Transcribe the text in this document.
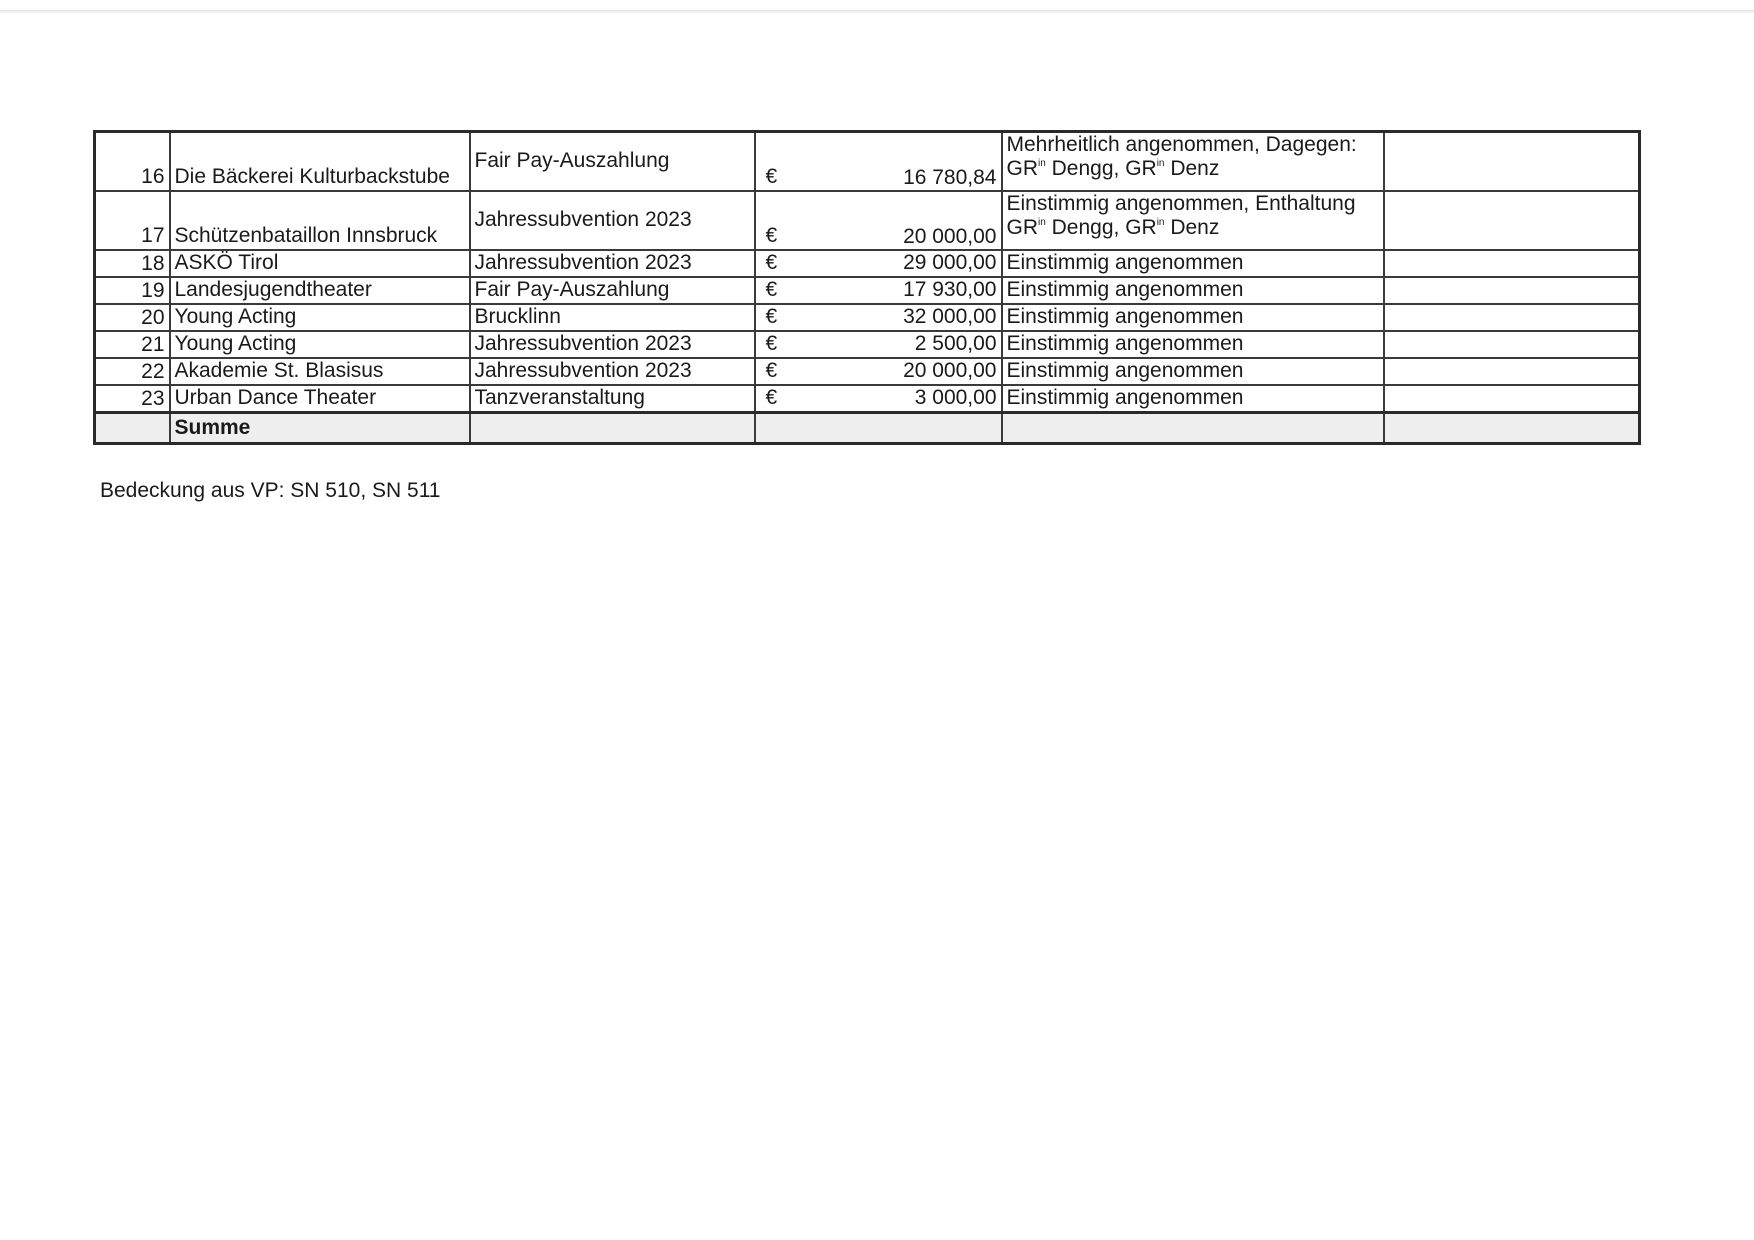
16	Die Bäckerei Kulturbackstube	Fair Pay-Auszahlung	€ 16 780,84	Mehrheitlich angenommen, Dagegen:
$GR^{in}$ Dengg, $GR^{in}$ Denz	

17	Schützenbataillon Innsbruck	Jahressubvention 2023	€ 20 000,00	Einstimmig angenommen, Enthaltung
$GR^{in}$ Dengg, $GR^{in}$ Denz	

18	ASKÖ Tirol	Jahressubvention 2023	€ 29 000,00	Einstimmig angenommen	
19	Landesjugendtheater	Fair Pay-Auszahlung	€ 17 930,00	Einstimmig angenommen	
20	Young Acting	Brucklinn	€ 32 000,00	Einstimmig angenommen	
21	Young Acting	Jahressubvention 2023	€ 2 500,00	Einstimmig angenommen	
22	Akademie St. Blasisus	Jahressubvention 2023	€ 20 000,00	Einstimmig angenommen	
23	Urban Dance Theater	Tanzveranstaltung	€ 3 000,00	Einstimmig angenommen	
	Summe				
Bedeckung aus VP: SN 510, SN 511
